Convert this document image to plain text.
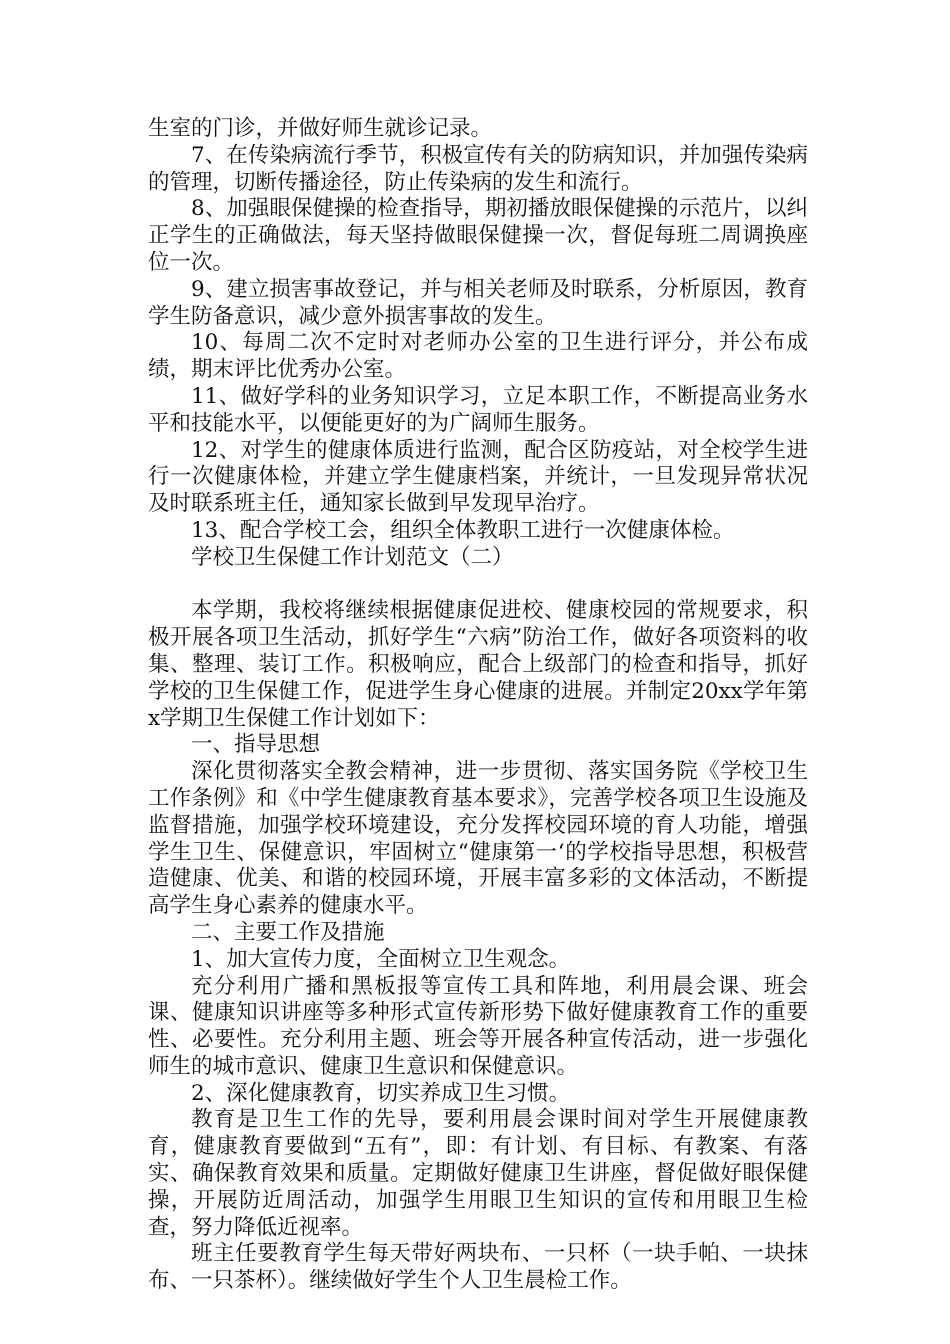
生室的门诊，并做好师生就诊记录。

7、在传染病流行季节，积极宣传有关的防病知识，并加强传染病的管理，切断传播途径，防止传染病的发生和流行。

8、加强眼保健操的检查指导，期初播放眼保健操的示范片，以纠正学生的正确做法，每天坚持做眼保健操一次，督促每班二周调换座位一次。

9、建立损害事故登记，并与相关老师及时联系，分析原因，教育学生防备意识，减少意外损害事故的发生。

10、每周二次不定时对老师办公室的卫生进行评分，并公布成绩，期末评比优秀办公室。

11、做好学科的业务知识学习，立足本职工作，不断提高业务水平和技能水平，以便能更好的为广阔师生服务。

12、对学生的健康体质进行监测，配合区防疫站，对全校学生进行一次健康体检，并建立学生健康档案，并统计，一旦发现异常状况及时联系班主任，通知家长做到早发现早治疗。

13、配合学校工会，组织全体教职工进行一次健康体检。

学校卫生保健工作计划范文（二）

本学期，我校将继续根据健康促进校、健康校园的常规要求，积极开展各项卫生活动，抓好学生“六病”防治工作，做好各项资料的收集、整理、装订工作。积极响应，配合上级部门的检查和指导，抓好学校的卫生保健工作，促进学生身心健康的进展。并制定20xx学年第x学期卫生保健工作计划如下：

一、指导思想

深化贯彻落实全教会精神，进一步贯彻、落实国务院《学校卫生工作条例》和《中学生健康教育基本要求》，完善学校各项卫生设施及监督措施，加强学校环境建设，充分发挥校园环境的育人功能，增强学生卫生、保健意识，牢固树立“健康第一‘的学校指导思想，积极营造健康、优美、和谐的校园环境，开展丰富多彩的文体活动，不断提高学生身心素养的健康水平。

二、主要工作及措施

1、加大宣传力度，全面树立卫生观念。

充分利用广播和黑板报等宣传工具和阵地，利用晨会课、班会课、健康知识讲座等多种形式宣传新形势下做好健康教育工作的重要性、必要性。充分利用主题、班会等开展各种宣传活动，进一步强化师生的城市意识、健康卫生意识和保健意识。

2、深化健康教育，切实养成卫生习惯。

教育是卫生工作的先导，要利用晨会课时间对学生开展健康教育，健康教育要做到“五有”，即：有计划、有目标、有教案、有落实、确保教育效果和质量。定期做好健康卫生讲座，督促做好眼保健操，开展防近周活动，加强学生用眼卫生知识的宣传和用眼卫生检查，努力降低近视率。

班主任要教育学生每天带好两块布、一只杯（一块手帕、一块抹布、一只茶杯）。继续做好学生个人卫生晨检工作。
